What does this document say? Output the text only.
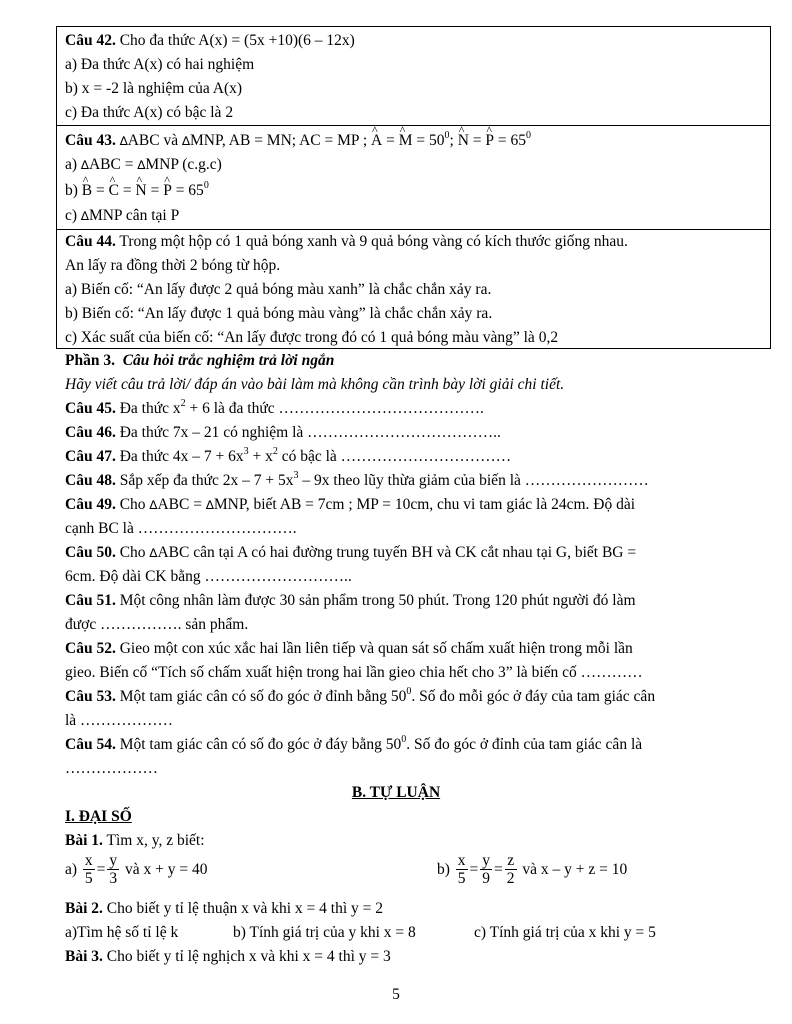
Câu 42. Cho đa thức A(x) = (5x +10)(6 – 12x)
a) Đa thức A(x) có hai nghiệm
b) x = -2 là nghiệm của A(x)
c) Đa thức A(x) có bậc là 2
Câu 43. ∆ABC và ∆MNP, AB = MN; AC = MP ; ^ A = ^ $M = 50^0$; ^ N = ^ $P = 65^0$
a) ∆ABC = ∆MNP (c.g.c)
b) ^ B = ^ C = ^ N = ^ $P = 65^0$
c) ∆MNP cân tại P
Câu 44. Trong một hộp có 1 quả bóng xanh và 9 quả bóng vàng có kích thước giống nhau.
An lấy ra đồng thời 2 bóng từ hộp.
a) Biến cố: “An lấy được 2 quả bóng màu xanh” là chắc chắn xảy ra.
b) Biến cố: “An lấy được 1 quả bóng màu vàng” là chắc chắn xảy ra.
c) Xác suất của biến cố: “An lấy được trong đó có 1 quả bóng màu vàng” là 0,2
Phần 3. Câu hỏi trắc nghiệm trả lời ngắn
Hãy viết câu trả lời/ đáp án vào bài làm mà không cần trình bày lời giải chi tiết.
Câu 45. Đa thức $x^2 + 6$ là đa thức ………………………………….
Câu 46. Đa thức 7x – 21 có nghiệm là ………………………………..
Câu 47. Đa thức $4x - 7 + 6x^3 + x^2$ có bậc là ……………………………
Câu 48. Sắp xếp đa thức $2x - 7 + 5x^3 - 9x$ theo lũy thừa giảm của biến là ……………………
Câu 49. Cho ∆ABC = ∆MNP, biết AB = 7cm ; MP = 10cm, chu vi tam giác là 24cm. Độ dài
cạnh BC là ………………………….
Câu 50. Cho ∆ABC cân tại A có hai đường trung tuyến BH và CK cắt nhau tại G, biết BG =
6cm. Độ dài CK bằng ………………………..
Câu 51. Một công nhân làm được 30 sản phẩm trong 50 phút. Trong 120 phút người đó làm
được ……………. sản phẩm.
Câu 52. Gieo một con xúc xắc hai lần liên tiếp và quan sát số chấm xuất hiện trong mỗi lần
gieo. Biến cố “Tích số chấm xuất hiện trong hai lần gieo chia hết cho 3” là biến cố …………
Câu 53. Một tam giác cân có số đo góc ở đỉnh bằng $50^0$. Số đo mỗi góc ở đáy của tam giác cân
là ………………
Câu 54. Một tam giác cân có số đo góc ở đáy bằng $50^0$. Số đo góc ở đỉnh của tam giác cân là
………………
B. TỰ LUẬN
I. ĐẠI SỐ
Bài 1. Tìm x, y, z biết:
$a) \frac{x}{5} = \frac{y}{3}$ và x + y = 40	$b) \frac{x}{5} = \frac{y}{9} = \frac{z}{2}$ và x – y + z = 10
Bài 2. Cho biết y tỉ lệ thuận x và khi x = 4 thì y = 2
a)Tìm hệ số tỉ lệ k	b) Tính giá trị của y khi x = 8	c) Tính giá trị của x khi y = 5
Bài 3. Cho biết y tỉ lệ nghịch x và khi x = 4 thì y = 3
5
